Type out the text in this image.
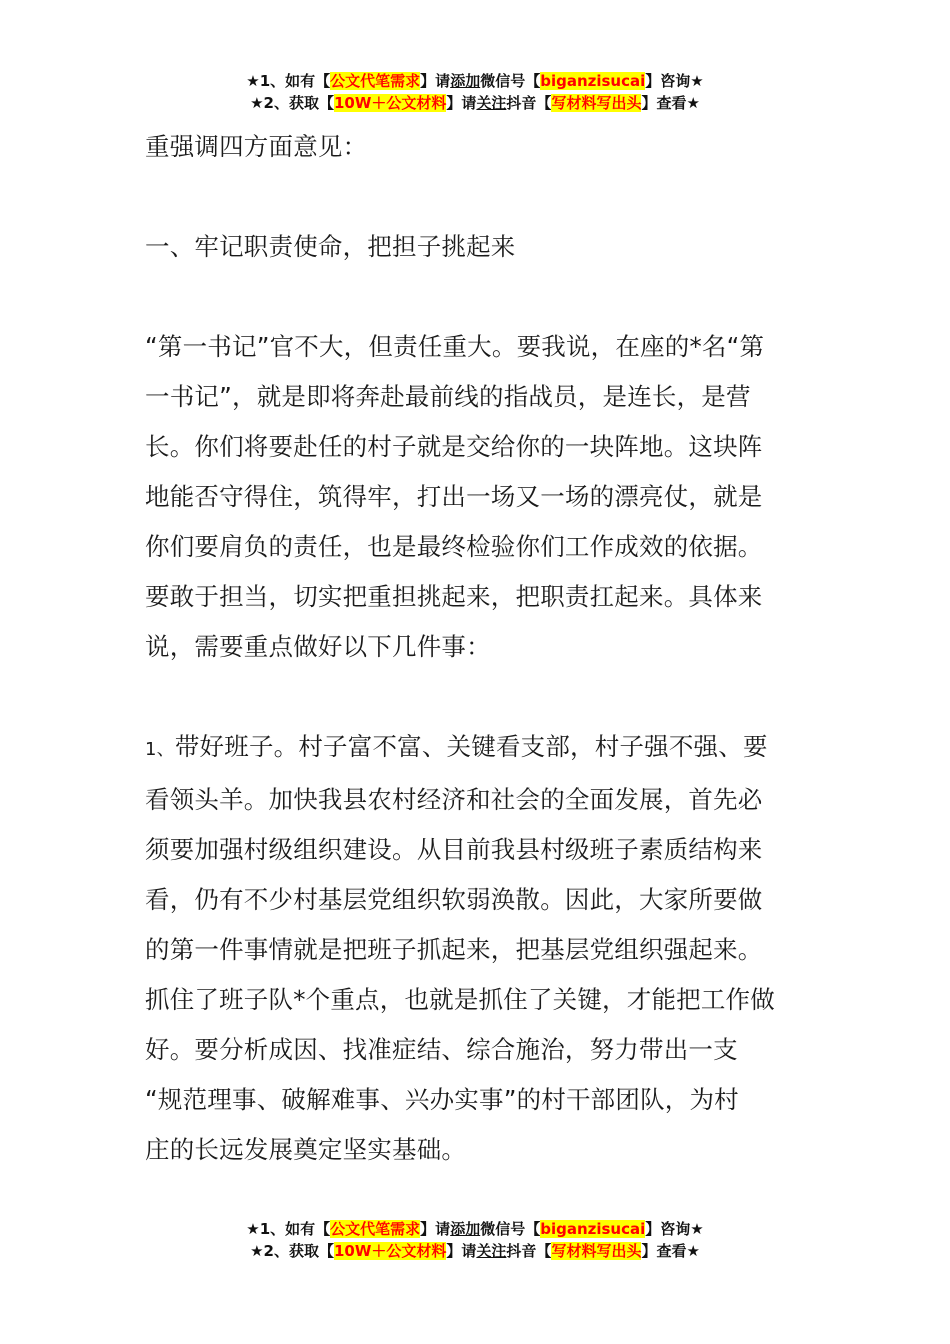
★1、如有【公文代笔需求】请添加微信号【biganzisucai】咨询★
★2、获取【10W＋公文材料】请关注抖音【写材料写出头】查看★

重强调四方面意见：

一、牢记职责使命，把担子挑起来

“第一书记”官不大，但责任重大。要我说，在座的*名“第

一书记”，就是即将奔赴最前线的指战员，是连长，是营

长。你们将要赴任的村子就是交给你的一块阵地。这块阵

地能否守得住，筑得牢，打出一场又一场的漂亮仗，就是

你们要肩负的责任，也是最终检验你们工作成效的依据。

要敢于担当，切实把重担挑起来，把职责扛起来。具体来

说，需要重点做好以下几件事：

1、带好班子。村子富不富、关键看支部，村子强不强、要

看领头羊。加快我县农村经济和社会的全面发展，首先必

须要加强村级组织建设。从目前我县村级班子素质结构来

看，仍有不少村基层党组织软弱涣散。因此，大家所要做

的第一件事情就是把班子抓起来，把基层党组织强起来。

抓住了班子队*个重点，也就是抓住了关键，才能把工作做

好。要分析成因、找准症结、综合施治，努力带出一支

“规范理事、破解难事、兴办实事”的村干部团队，为村

庄的长远发展奠定坚实基础。

★1、如有【公文代笔需求】请添加微信号【biganzisucai】咨询★
★2、获取【10W＋公文材料】请关注抖音【写材料写出头】查看★
